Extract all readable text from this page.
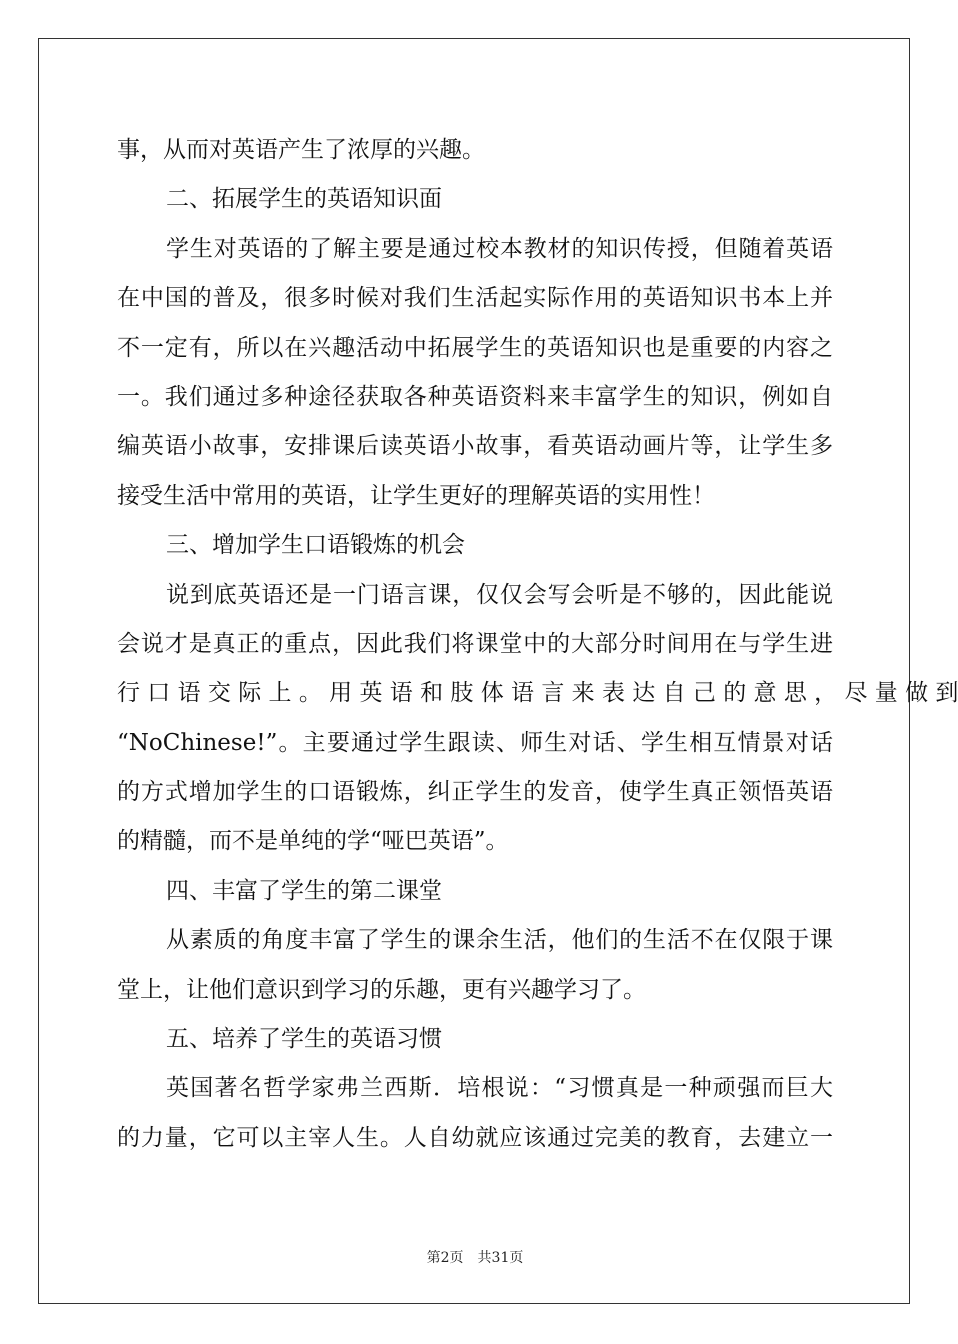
事，从而对英语产生了浓厚的兴趣。
二、拓展学生的英语知识面
学生对英语的了解主要是通过校本教材的知识传授，但随着英语
在中国的普及，很多时候对我们生活起实际作用的英语知识书本上并
不一定有，所以在兴趣活动中拓展学生的英语知识也是重要的内容之
一。我们通过多种途径获取各种英语资料来丰富学生的知识，例如自
编英语小故事，安排课后读英语小故事，看英语动画片等，让学生多
接受生活中常用的英语，让学生更好的理解英语的实用性！
三、增加学生口语锻炼的机会
说到底英语还是一门语言课，仅仅会写会听是不够的，因此能说
会说才是真正的重点，因此我们将课堂中的大部分时间用在与学生进
行 口 语 交 际 上 。 用 英 语 和 肢 体 语 言 来 表 达 自 己 的 意 思 ， 尽 量 做 到
“NoChinese!”。主要通过学生跟读、师生对话、学生相互情景对话
的方式增加学生的口语锻炼，纠正学生的发音，使学生真正领悟英语
的精髓，而不是单纯的学“哑巴英语”。
四、丰富了学生的第二课堂
从素质的角度丰富了学生的课余生活，他们的生活不在仅限于课
堂上，让他们意识到学习的乐趣，更有兴趣学习了。
五、培养了学生的英语习惯
英国著名哲学家弗兰西斯．培根说：“习惯真是一种顽强而巨大
的力量，它可以主宰人生。人自幼就应该通过完美的教育，去建立一
第2页 共31页
